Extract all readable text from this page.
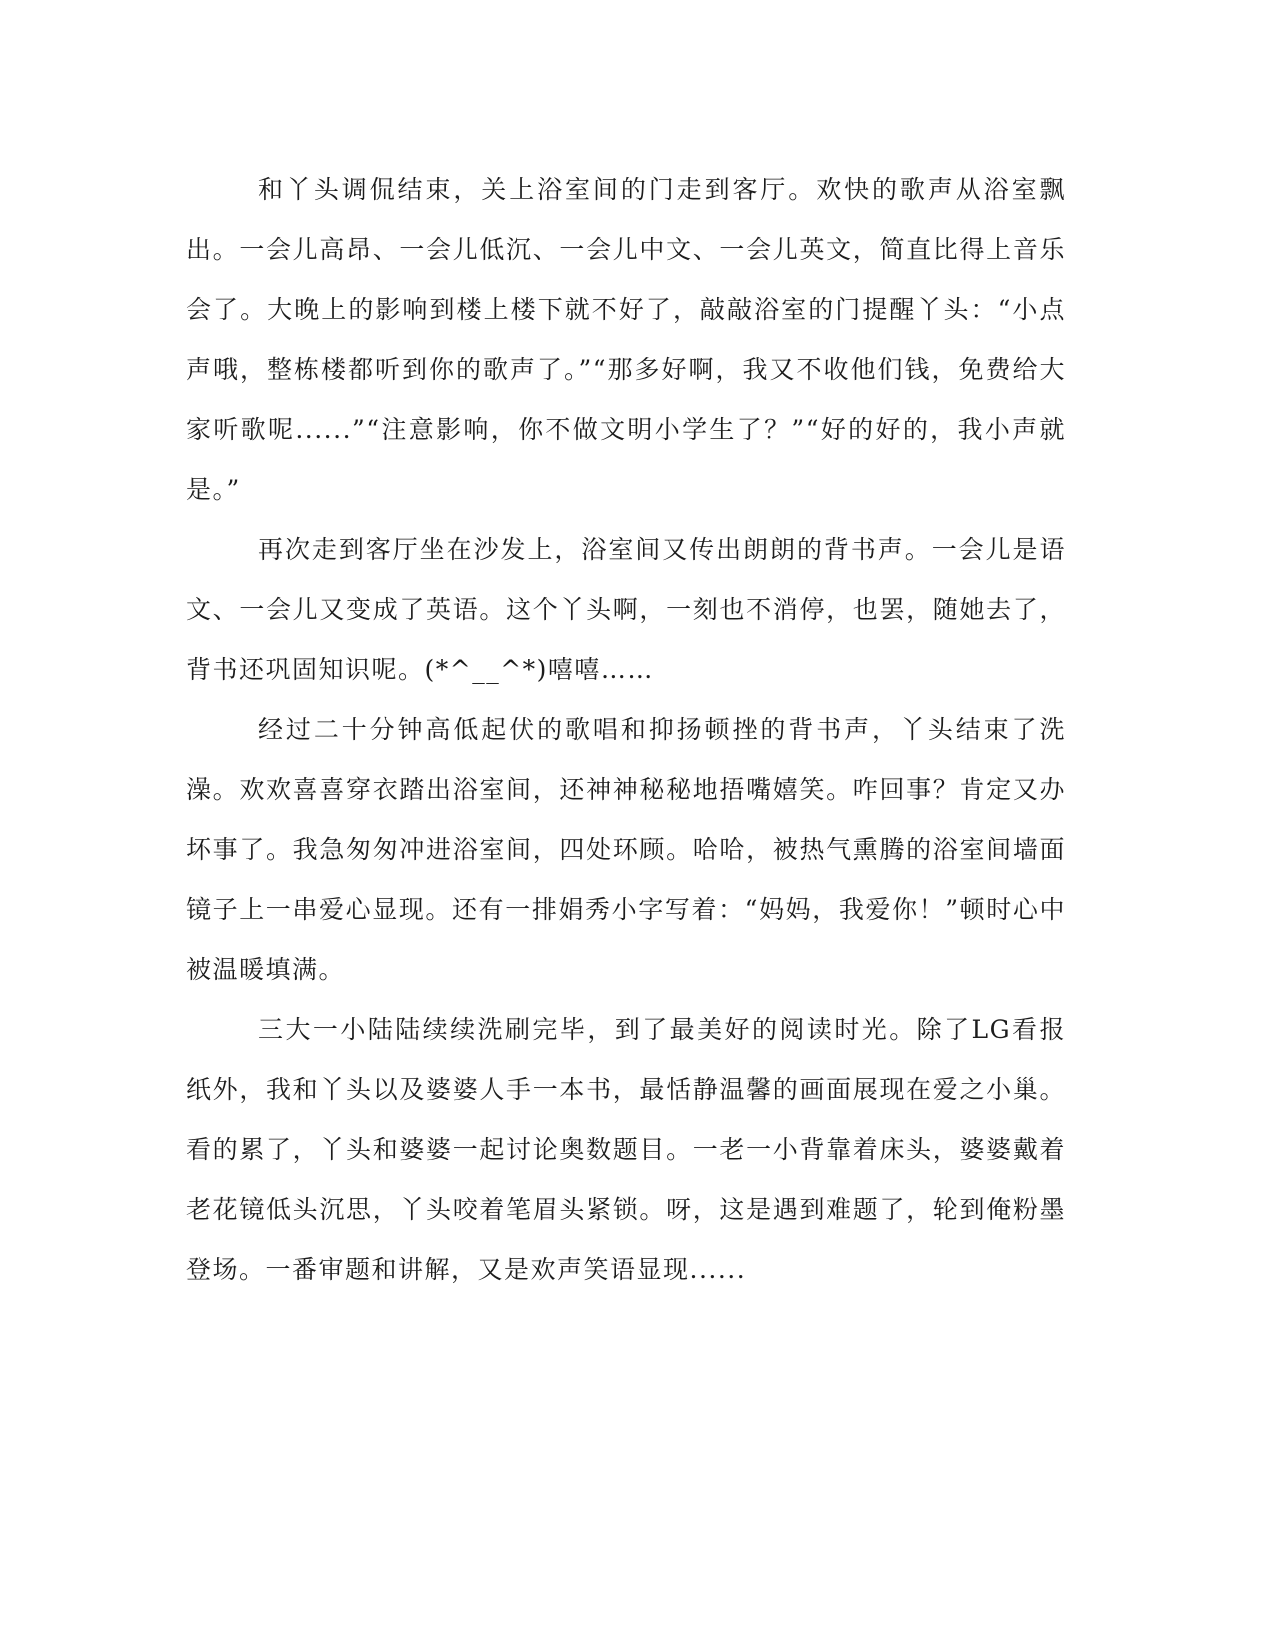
和丫头调侃结束，关上浴室间的门走到客厅。欢快的歌声从浴室飘出。一会儿高昂、一会儿低沉、一会儿中文、一会儿英文，简直比得上音乐会了。大晚上的影响到楼上楼下就不好了，敲敲浴室的门提醒丫头：“小点声哦，整栋楼都听到你的歌声了。”“那多好啊，我又不收他们钱，免费给大家听歌呢......”“注意影响，你不做文明小学生了？”“好的好的，我小声就是。”

再次走到客厅坐在沙发上，浴室间又传出朗朗的背书声。一会儿是语文、一会儿又变成了英语。这个丫头啊，一刻也不消停，也罢，随她去了，背书还巩固知识呢。(*^__^*)嘻嘻……

经过二十分钟高低起伏的歌唱和抑扬顿挫的背书声，丫头结束了洗澡。欢欢喜喜穿衣踏出浴室间，还神神秘秘地捂嘴嬉笑。咋回事？肯定又办坏事了。我急匆匆冲进浴室间，四处环顾。哈哈，被热气熏腾的浴室间墙面镜子上一串爱心显现。还有一排娟秀小字写着：“妈妈，我爱你！”顿时心中被温暖填满。

三大一小陆陆续续洗刷完毕，到了最美好的阅读时光。除了LG看报纸外，我和丫头以及婆婆人手一本书，最恬静温馨的画面展现在爱之小巢。看的累了，丫头和婆婆一起讨论奥数题目。一老一小背靠着床头，婆婆戴着老花镜低头沉思，丫头咬着笔眉头紧锁。呀，这是遇到难题了，轮到俺粉墨登场。一番审题和讲解，又是欢声笑语显现......
